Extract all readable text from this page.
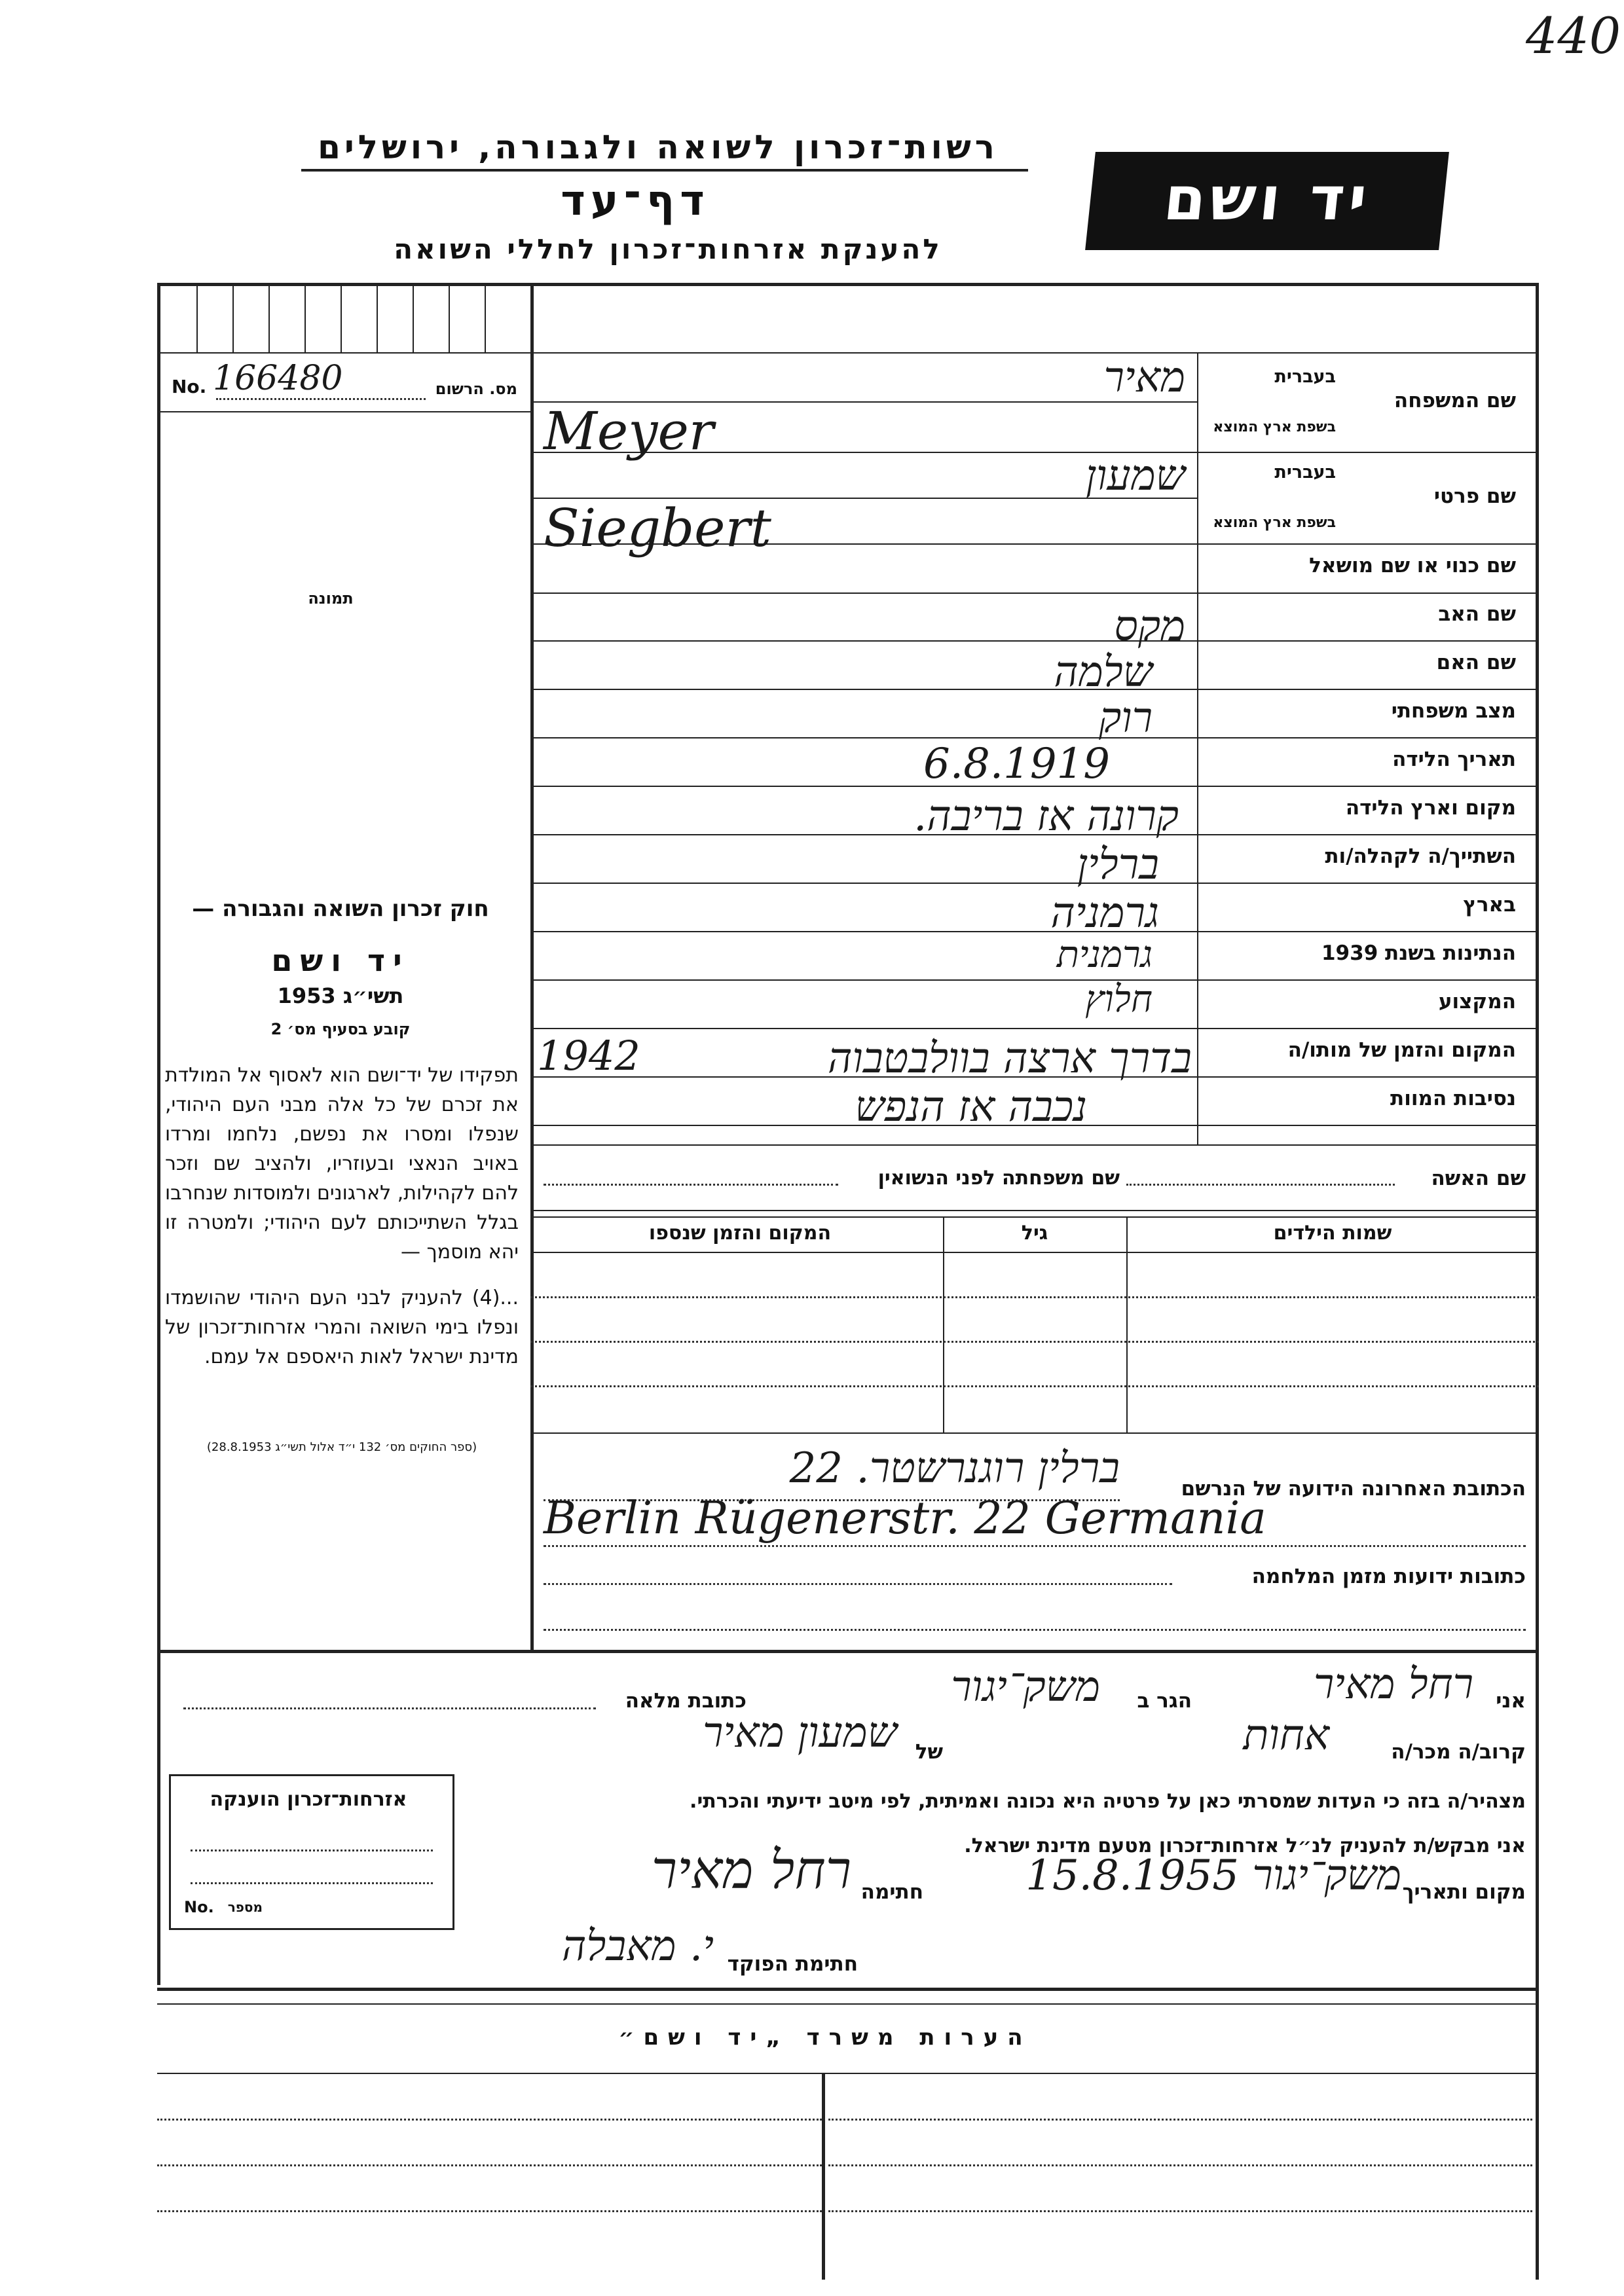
440
רשות־זכרון לשואה ולגבורה, ירושלים
דף־עד
להענקת אזרחות־זכרון לחללי השואה
יד ושם
מס. הרשום
No. 166480
תמונה
חוק זכרון השואה והגבורה —
יד ושם
תשי״ג 1953
קובע בסעיף מס׳ 2
תפקידו של יד־ושם הוא לאסוף אל המולדת את זכרם של כל אלה מבני העם היהודי, שנפלו ומסרו את נפשם, נלחמו ומרדו באויב הנאצי ובעוזריו, ולהציב שם וזכר להם לקהילות, לארגונים ולמוסדות שנחרבו בגלל השתייכותם לעם היהודי; ולמטרה זו יהא מוסמך —
...(4) להעניק לבני העם היהודי שהושמדו ונפלו בימי השואה והמרי אזרחות־זכרון של מדינת ישראל לאות היאספם אל עמם.
(ספר החוקים מס׳ 132 י״ד אלול תשי״ג 28.8.1953)
שם המשפחה
בעברית
בשפת ארץ המוצא
שם פרטי
בעברית
בשפת ארץ המוצא
שם כנוי או שם מושאל
שם האב
שם האם
מצב משפחתי
תאריך הלידה
מקום וארץ הלידה
השתייך/ה לקהלה/ות
בארץ
הנתינות בשנת 1939
המקצוע
המקום והזמן של מותו/ה
נסיבות המוות
מאיר
Meyer
שמעון
Siegbert
מקס
שלמה
רוק
6.8.1919
קרונה אז בריבה.
ברלין
גרמניה
גרמנית
חלוץ
1942	בדרך ארצה בוולבטבוה
נכבה אז הנפש
שם האשה
שם משפחתה לפני הנשואין
שמות הילדים
גיל
המקום והזמן שנספו
הכתובת האחרונה הידועה של הנרשם
ברלין רוגנרשטר. 22
Berlin Rügenerstr. 22 Germania
כתובות ידועות מזמן המלחמה
אני
רחל מאיר
הגר ב
משק־יגור
כתובת מלאה
קרוב/ה מכר/ה
אחות
של
שמעון מאיר
מצהיר/ה בזה כי העדות שמסרתי כאן על פרטיה היא נכונה ואמיתית, לפי מיטב ידיעתי והכרתי.
אני מבקש/ת להעניק לנ״ל אזרחות־זכרון מטעם מדינת ישראל.
מקום ותאריך
משק־יגור 15.8.1955
חתימה
רחל מאיר
חתימת הפוקד
י. מאבלה
אזרחות־זכרון הוענקה
No.	מספר
הערות משרד „יד ושם״
